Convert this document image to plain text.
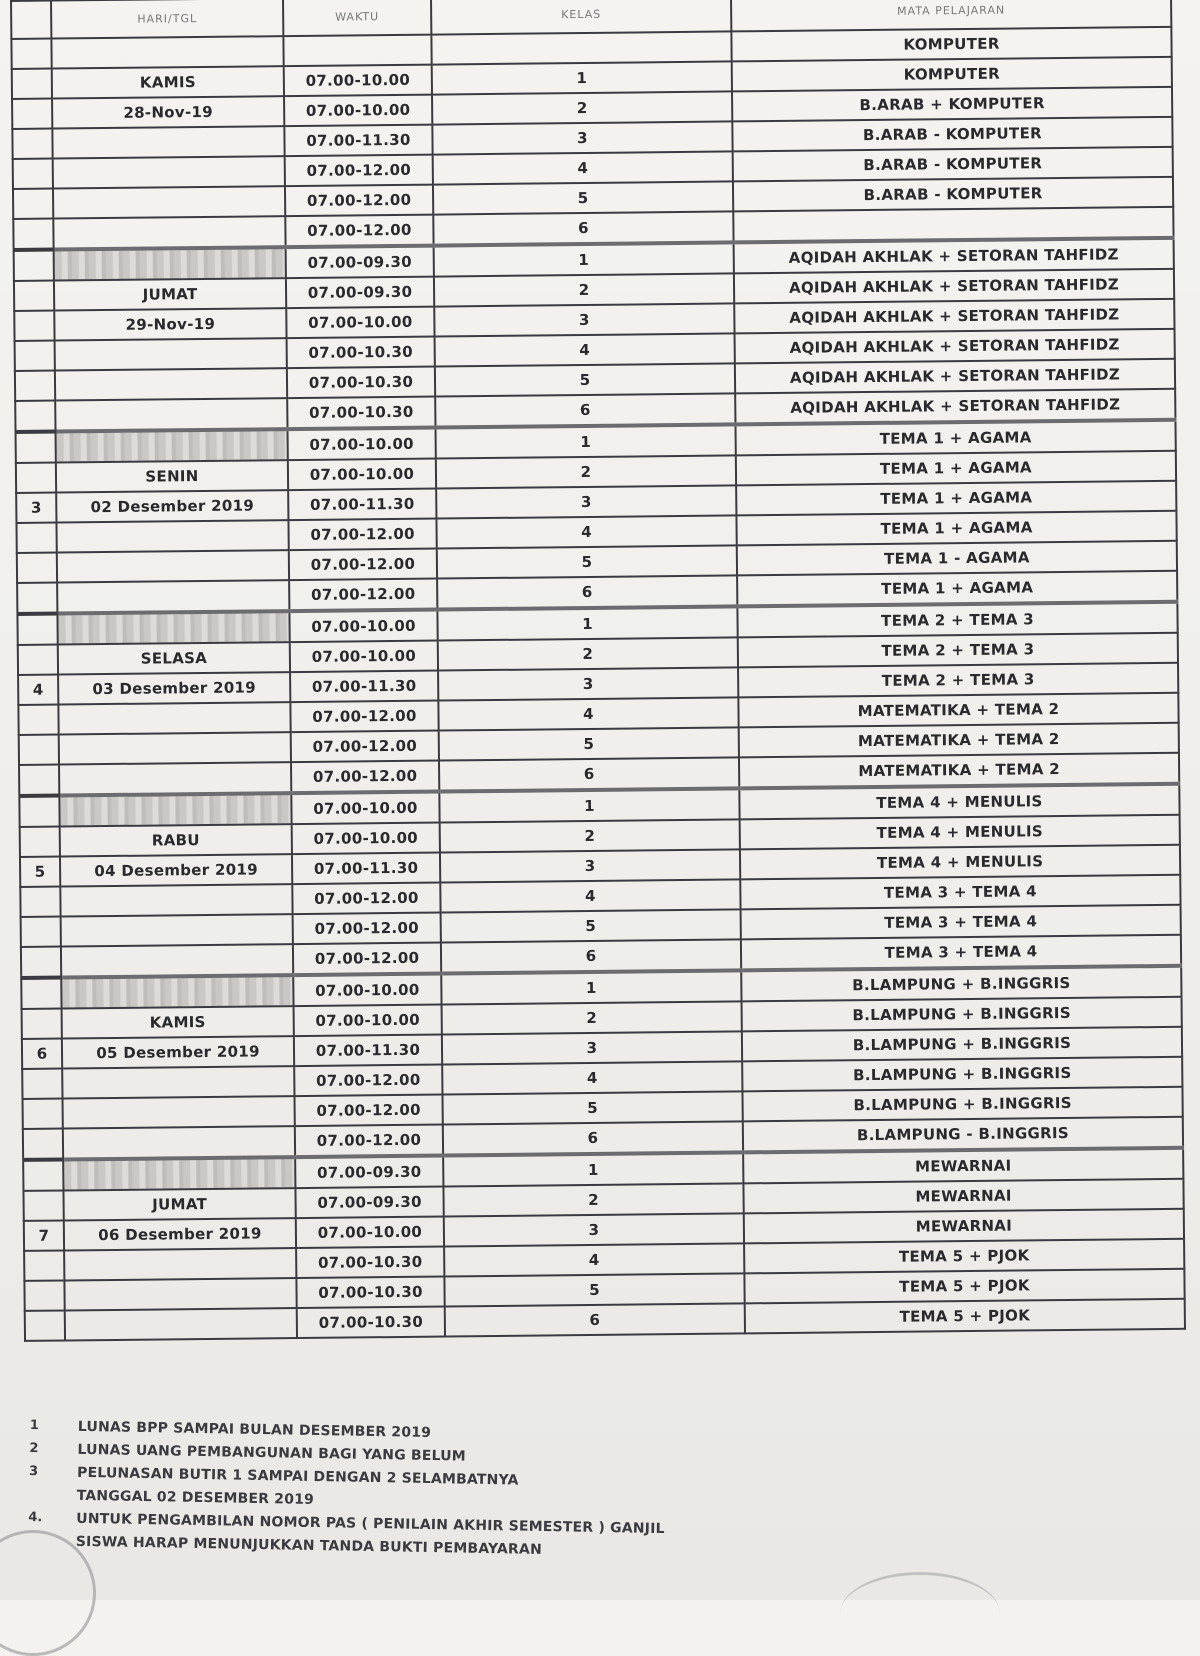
	HARI/TGL	WAKTU	KELAS	MATA PELAJARAN
				KOMPUTER
	KAMIS	07.00-10.00	1	KOMPUTER
	28-Nov-19	07.00-10.00	2	B.ARAB + KOMPUTER
		07.00-11.30	3	B.ARAB - KOMPUTER
		07.00-12.00	4	B.ARAB - KOMPUTER
		07.00-12.00	5	B.ARAB - KOMPUTER
		07.00-12.00	6	
		07.00-09.30	1	AQIDAH AKHLAK + SETORAN TAHFIDZ
	JUMAT	07.00-09.30	2	AQIDAH AKHLAK + SETORAN TAHFIDZ
	29-Nov-19	07.00-10.00	3	AQIDAH AKHLAK + SETORAN TAHFIDZ
		07.00-10.30	4	AQIDAH AKHLAK + SETORAN TAHFIDZ
		07.00-10.30	5	AQIDAH AKHLAK + SETORAN TAHFIDZ
		07.00-10.30	6	AQIDAH AKHLAK + SETORAN TAHFIDZ
		07.00-10.00	1	TEMA 1 + AGAMA
	SENIN	07.00-10.00	2	TEMA 1 + AGAMA
3	02 Desember 2019	07.00-11.30	3	TEMA 1 + AGAMA
		07.00-12.00	4	TEMA 1 + AGAMA
		07.00-12.00	5	TEMA 1 - AGAMA
		07.00-12.00	6	TEMA 1 + AGAMA
		07.00-10.00	1	TEMA 2 + TEMA 3
	SELASA	07.00-10.00	2	TEMA 2 + TEMA 3
4	03 Desember 2019	07.00-11.30	3	TEMA 2 + TEMA 3
		07.00-12.00	4	MATEMATIKA + TEMA 2
		07.00-12.00	5	MATEMATIKA + TEMA 2
		07.00-12.00	6	MATEMATIKA + TEMA 2
		07.00-10.00	1	TEMA 4 + MENULIS
	RABU	07.00-10.00	2	TEMA 4 + MENULIS
5	04 Desember 2019	07.00-11.30	3	TEMA 4 + MENULIS
		07.00-12.00	4	TEMA 3 + TEMA 4
		07.00-12.00	5	TEMA 3 + TEMA 4
		07.00-12.00	6	TEMA 3 + TEMA 4
		07.00-10.00	1	B.LAMPUNG + B.INGGRIS
	KAMIS	07.00-10.00	2	B.LAMPUNG + B.INGGRIS
6	05 Desember 2019	07.00-11.30	3	B.LAMPUNG + B.INGGRIS
		07.00-12.00	4	B.LAMPUNG + B.INGGRIS
		07.00-12.00	5	B.LAMPUNG + B.INGGRIS
		07.00-12.00	6	B.LAMPUNG - B.INGGRIS
		07.00-09.30	1	MEWARNAI
	JUMAT	07.00-09.30	2	MEWARNAI
7	06 Desember 2019	07.00-10.00	3	MEWARNAI
		07.00-10.30	4	TEMA 5 + PJOK
		07.00-10.30	5	TEMA 5 + PJOK
		07.00-10.30	6	TEMA 5 + PJOK
1	LUNAS BPP SAMPAI BULAN DESEMBER 2019
2	LUNAS UANG PEMBANGUNAN BAGI YANG BELUM
3	PELUNASAN BUTIR 1 SAMPAI DENGAN 2 SELAMBATNYA
TANGGAL 02 DESEMBER 2019
4.	UNTUK PENGAMBILAN NOMOR PAS ( PENILAIN AKHIR SEMESTER ) GANJIL
SISWA HARAP MENUNJUKKAN TANDA BUKTI PEMBAYARAN
